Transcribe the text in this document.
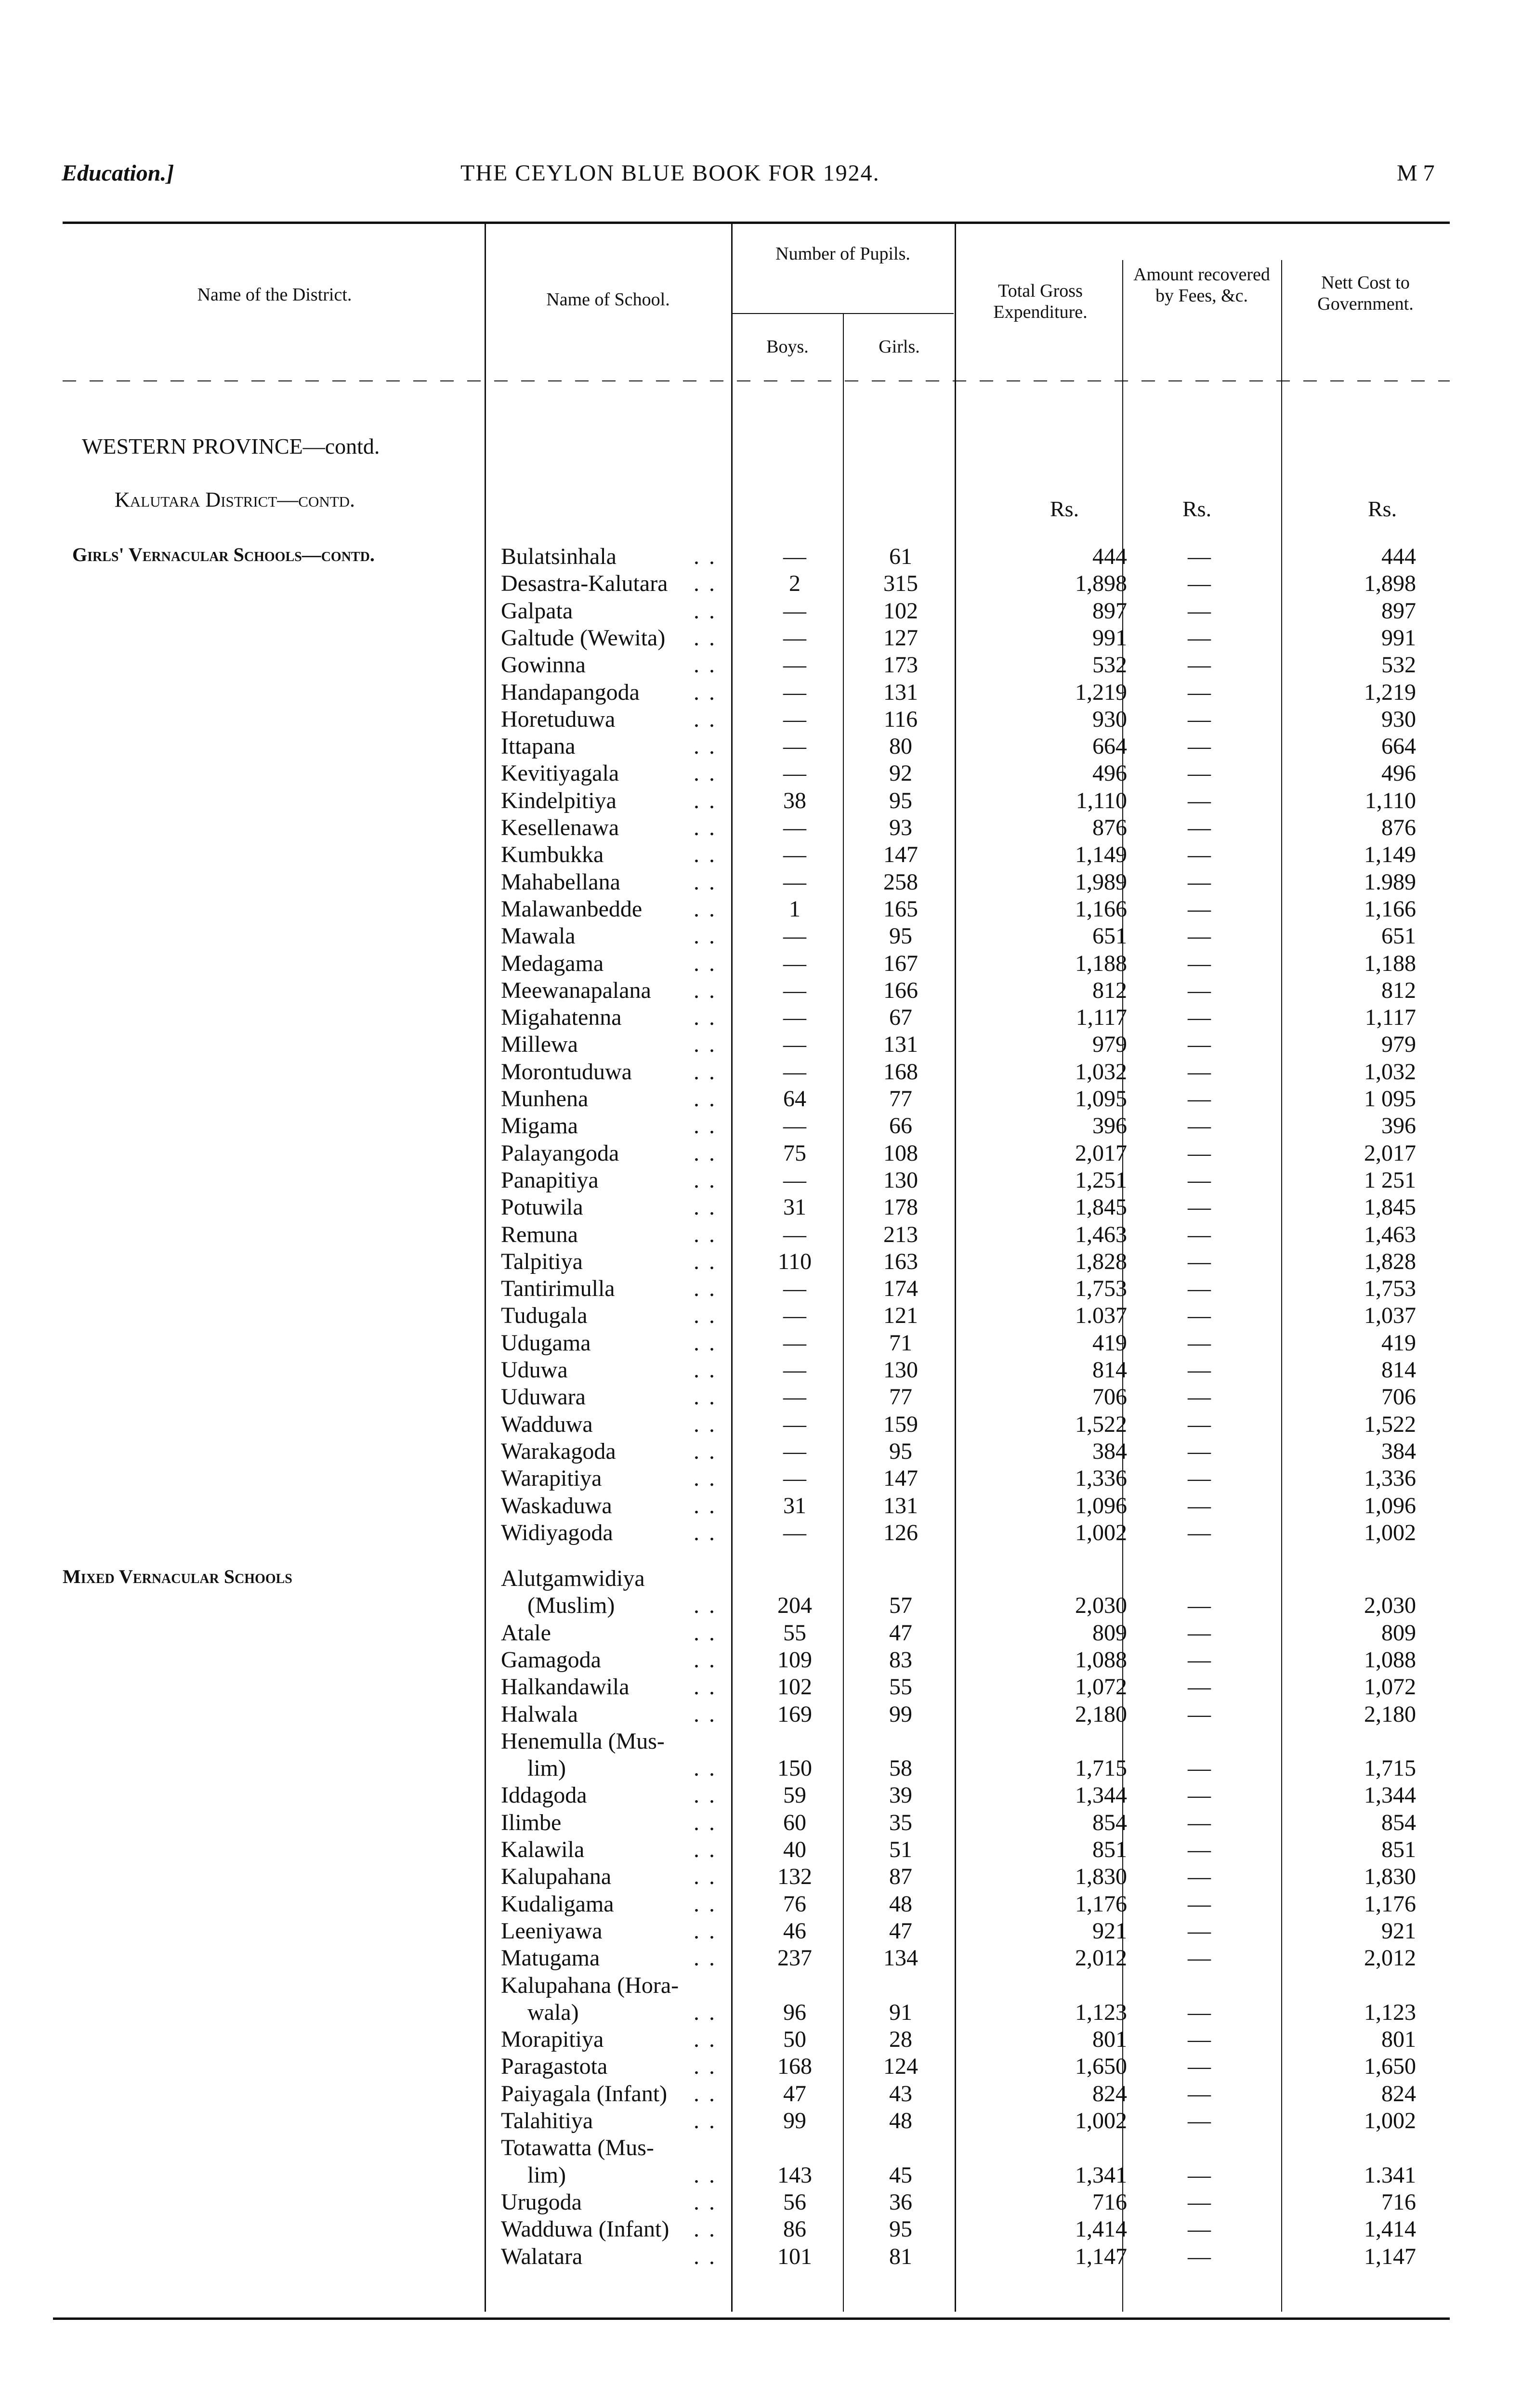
Education.]	THE CEYLON BLUE BOOK FOR 1924.	M 7
Name of the District.	Name of School.
Number of Pupils.
Boys.	Girls.
Total Gross Expenditure.
Amount recovered by Fees, &c.
Nett Cost to Government.
WESTERN PROVINCE—contd.
Kalutara District—contd.	Rs.	Rs.	Rs.
Girls' Vernacular Schools—contd.
Mixed Vernacular Schools
Bulatsinhala	. .	—	61	444	—	444
Desastra-Kalutara . .	2	315	1,898	—	1,898
Galpata	. .	—	102	897	—	897
Galtude (Wewita) . .	—	127	991	—	991
Gowinna	. .	—	173	532	—	532
Handapangoda . .	—	131	1,219	—	1,219
Horetuduwa	. .	—	116	930	—	930
Ittapana	. .	—	80	664	—	664
Kevitiyagala	. .	—	92	496	—	496
Kindelpitiya	. .	38	95	1,110	—	1,110
Kesellenawa	. .	—	93	876	—	876
Kumbukka	. .	—	147	1,149	—	1,149
Mahabellana	. .	—	258	1,989	—	1.989
Malawanbedde . .	1	165	1,166	—	1,166
Mawala	. .	—	95	651	—	651
Medagama	. .	—	167	1,188	—	1,188
Meewanapalana . .	—	166	812	—	812
Migahatenna	. .	—	67	1,117	—	1,117
Millewa	. .	—	131	979	—	979
Morontuduwa	. .	—	168	1,032	—	1,032
Munhena	. .	64	77	1,095	—	1 095
Migama	. .	—	66	396	—	396
Palayangoda	. .	75	108	2,017	—	2,017
Panapitiya	. .	—	130	1,251	—	1 251
Potuwila	. .	31	178	1,845	—	1,845
Remuna	. .	—	213	1,463	—	1,463
Talpitiya	. .	110	163	1,828	—	1,828
Tantirimulla	. .	—	174	1,753	—	1,753
Tudugala	. .	—	121	1.037	—	1,037
Udugama	. .	—	71	419	—	419
Uduwa	. .	—	130	814	—	814
Uduwara	. .	—	77	706	—	706
Wadduwa	. .	—	159	1,522	—	1,522
Warakagoda	. .	—	95	384	—	384
Warapitiya	. .	—	147	1,336	—	1,336
Waskaduwa	. .	31	131	1,096	—	1,096
Widiyagoda	. .	—	126	1,002	—	1,002
Alutgamwidiya
(Muslim)	. .	204	57	2,030	—	2,030
Atale	. .	55	47	809	—	809
Gamagoda	. .	109	83	1,088	—	1,088
Halkandawila	. .	102	55	1,072	—	1,072
Halwala	. .	169	99	2,180	—	2,180
Henemulla (Mus-
lim)	. .	150	58	1,715	—	1,715
Iddagoda	. .	59	39	1,344	—	1,344
Ilimbe	. .	60	35	854	—	854
Kalawila	. .	40	51	851	—	851
Kalupahana	. .	132	87	1,830	—	1,830
Kudaligama	. .	76	48	1,176	—	1,176
Leeniyawa	. .	46	47	921	—	921
Matugama	. .	237	134	2,012	—	2,012
Kalupahana (Hora-
wala)	. .	96	91	1,123	—	1,123
Morapitiya	. .	50	28	801	—	801
Paragastota	. .	168	124	1,650	—	1,650
Paiyagala (Infant) . .	47	43	824	—	824
Talahitiya	. .	99	48	1,002	—	1,002
Totawatta (Mus-
lim)	. .	143	45	1,341	—	1.341
Urugoda	. .	56	36	716	—	716
Wadduwa (Infant) . .	86	95	1,414	—	1,414
Walatara	. .	101	81	1,147	—	1,147
